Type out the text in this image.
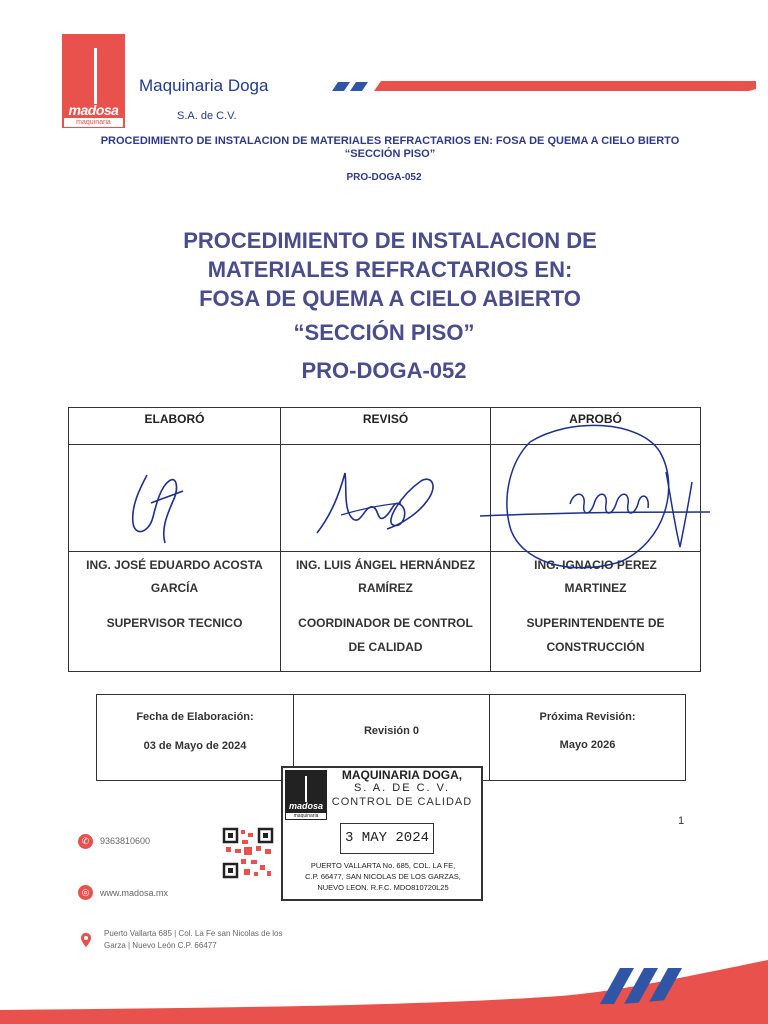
madosa
maquinaria
Maquinaria Doga
S.A. de C.V.
PROCEDIMIENTO DE INSTALACION DE MATERIALES REFRACTARIOS EN: FOSA DE QUEMA A CIELO BIERTO
“SECCIÓN PISO”
PRO-DOGA-052
PROCEDIMIENTO DE INSTALACION DE
MATERIALES REFRACTARIOS EN:
FOSA DE QUEMA A CIELO ABIERTO
“SECCIÓN PISO”
PRO-DOGA-052
ELABORÓ
ING. JOSÉ EDUARDO ACOSTA
GARCÍA
SUPERVISOR TECNICO
REVISÓ
ING. LUIS ÁNGEL HERNÁNDEZ
RAMÍREZ
COORDINADOR DE CONTROL
DE CALIDAD
APROBÓ
ING. IGNACIO PEREZ
MARTINEZ
SUPERINTENDENTE DE
CONSTRUCCIÓN
Fecha de Elaboración:
03 de Mayo de 2024
Revisión 0
Próxima Revisión:
Mayo 2026
madosa
maquinaria
MAQUINARIA DOGA,
S. A. DE C. V.
CONTROL DE CALIDAD
3 MAY 2024
PUERTO VALLARTA No. 685, COL. LA FE,
C.P. 66477, SAN NICOLAS DE LOS GARZAS,
NUEVO LEON. R.F.C. MDO810720L25
1
✆	9363810600
◎	www.madosa.mx
Puerto Vallarta 685 | Col. La Fe san Nicolas de los
Garza | Nuevo León C.P. 66477
